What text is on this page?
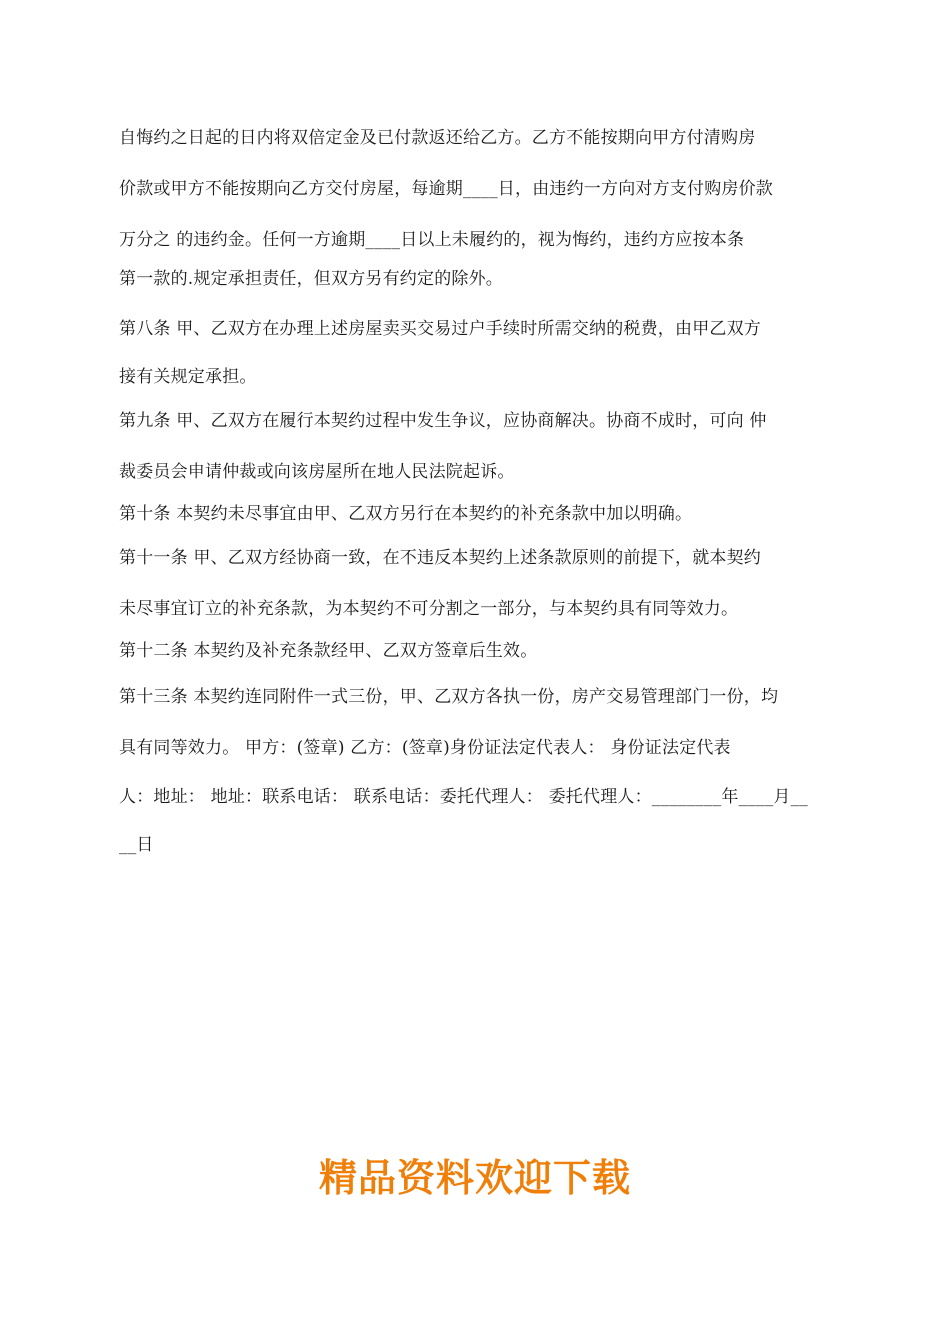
自悔约之日起的日内将双倍定金及已付款返还给乙方。乙方不能按期向甲方付清购房
价款或甲方不能按期向乙方交付房屋，每逾期____日，由违约一方向对方支付购房价款
万分之 的违约金。任何一方逾期____日以上未履约的，视为悔约，违约方应按本条
第一款的.规定承担责任，但双方另有约定的除外。
第八条 甲、乙双方在办理上述房屋卖买交易过户手续时所需交纳的税费，由甲乙双方
接有关规定承担。
第九条 甲、乙双方在履行本契约过程中发生争议，应协商解决。协商不成时，可向 仲
裁委员会申请仲裁或向该房屋所在地人民法院起诉。
第十条 本契约未尽事宜由甲、乙双方另行在本契约的补充条款中加以明确。
第十一条 甲、乙双方经协商一致，在不违反本契约上述条款原则的前提下，就本契约
未尽事宜订立的补充条款，为本契约不可分割之一部分，与本契约具有同等效力。
第十二条 本契约及补充条款经甲、乙双方签章后生效。
第十三条 本契约连同附件一式三份，甲、乙双方各执一份，房产交易管理部门一份，均
具有同等效力。 甲方：(签章) 乙方：(签章)身份证法定代表人： 身份证法定代表
人：地址： 地址：联系电话： 联系电话：委托代理人： 委托代理人：________年____月__
__日
精品资料欢迎下载
